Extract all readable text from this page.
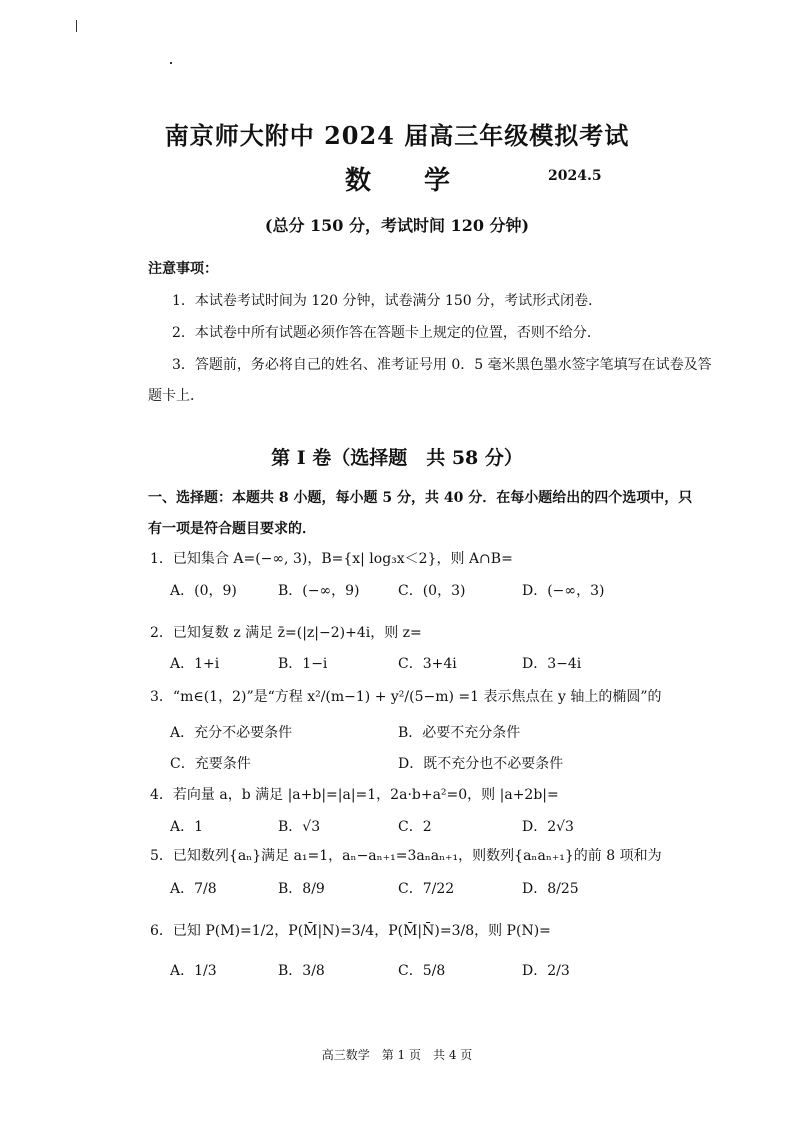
南京师大附中 2024 届高三年级模拟考试
数 学	2024.5
(总分 150 分，考试时间 120 分钟)
注意事项：
1．本试卷考试时间为 120 分钟，试卷满分 150 分，考试形式闭卷．
2．本试卷中所有试题必须作答在答题卡上规定的位置，否则不给分．
3．答题前，务必将自己的姓名、准考证号用 0．5 毫米黑色墨水签字笔填写在试卷及答
题卡上．
第 I 卷（选择题　共 58 分）
一、选择题：本题共 8 小题，每小题 5 分，共 40 分．在每小题给出的四个选项中，只
有一项是符合题目要求的．
1．已知集合 A=(−∞, 3)，B={x| log₃x＜2}，则 A∩B=
A．(0，9)	B．(−∞，9)	C．(0，3)	D．(−∞，3)
2．已知复数 z 满足 z̄=(|z|−2)+4i，则 z=
A．1+i	B．1−i	C．3+4i	D．3−4i
3．“m∈(1，2)”是“方程 x²/(m−1) + y²/(5−m) =1 表示焦点在 y 轴上的椭圆”的
A．充分不必要条件	B．必要不充分条件
C．充要条件	D．既不充分也不必要条件
4．若向量 a，b 满足 |a+b|=|a|=1，2a·b+a²=0，则 |a+2b|=
A．1	B．√3	C．2	D．2√3
5．已知数列{aₙ}满足 a₁=1，aₙ−aₙ₊₁=3aₙaₙ₊₁，则数列{aₙaₙ₊₁}的前 8 项和为
A．7/8	B．8/9	C．7/22	D．8/25
6．已知 P(M)=1/2，P(M̄|N)=3/4，P(M̄|N̄)=3/8，则 P(N)=
A．1/3	B．3/8	C．5/8	D．2/3
高三数学　第 1 页　共 4 页
